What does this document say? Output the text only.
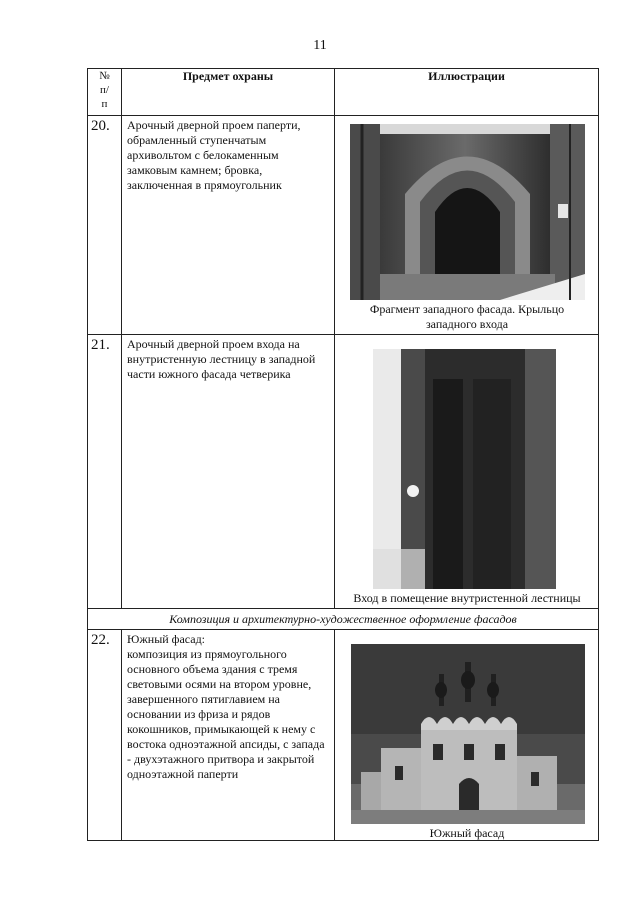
11
№
п/
п	Предмет охраны	Иллюстрации

20.	Арочный дверной проем паперти, обрамленный ступенчатым архивольтом с белокаменным замковым камнем; бровка, заключенная в прямоугольник	Фрагмент западного фасада. Крыльцо
западного входа

21.	Арочный дверной проем входа на внутристенную лестницу в западной части южного фасада четверика	Вход в помещение внутристенной лестницы

Композиция и архитектурно-художественное оформление фасадов		

22.	Южный фасад:
композиция из прямоугольного основного объема здания с тремя световыми осями на втором уровне, завершенного пятиглавием на основании из фриза и рядов кокошников, примыкающей к нему с востока одноэтажной апсиды, с запада - двухэтажного притвора и закрытой одноэтажной паперти	Южный фасад
